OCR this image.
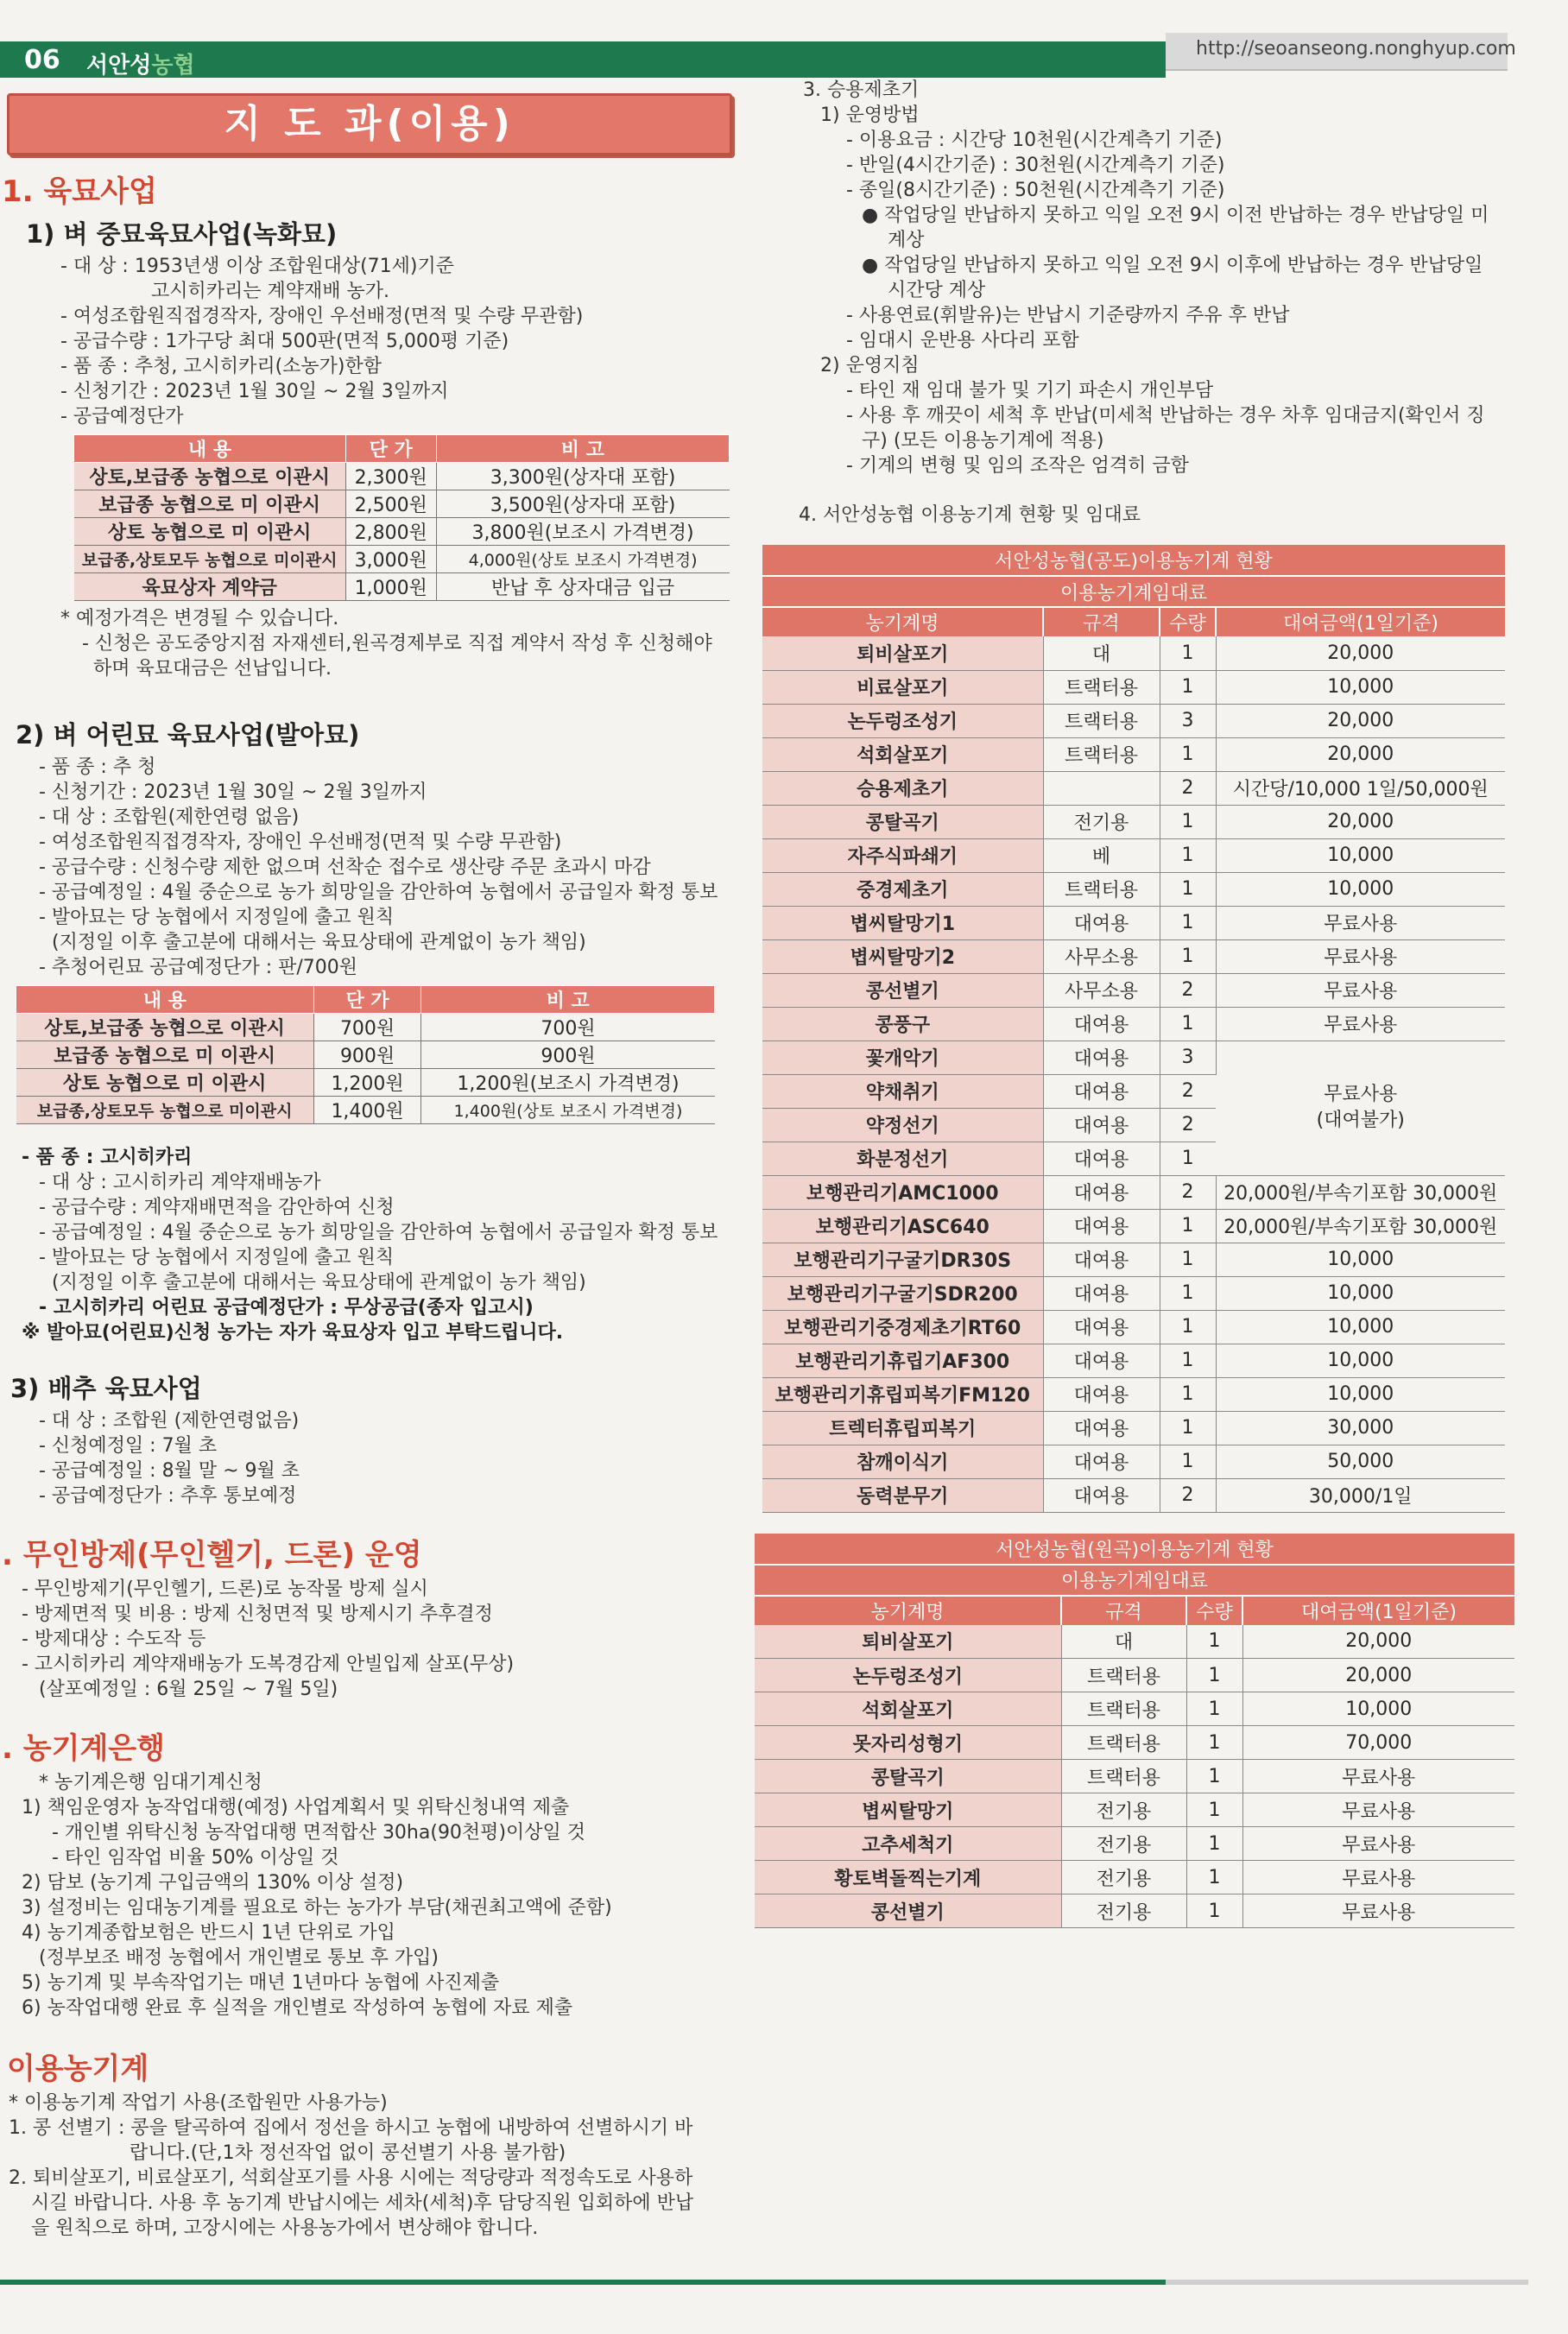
06 서안성농협
http://seoanseong.nonghyup.com
지 도 과(이용)
1. 육묘사업
1) 벼 중묘육묘사업(녹화묘)
- 대 상 : 1953년생 이상 조합원대상(71세)기준
고시히카리는 계약재배 농가.
- 여성조합원직접경작자, 장애인 우선배정(면적 및 수량 무관함)
- 공급수량 : 1가구당 최대 500판(면적 5,000평 기준)
- 품 종 : 추청, 고시히카리(소농가)한함
- 신청기간 : 2023년 1월 30일 ~ 2월 3일까지
- 공급예정단가
내 용	단 가	비 고
상토,보급종 농협으로 이관시	2,300원	3,300원(상자대 포함)
보급종 농협으로 미 이관시	2,500원	3,500원(상자대 포함)
상토 농협으로 미 이관시	2,800원	3,800원(보조시 가격변경)
보급종,상토모두 농협으로 미이관시	3,000원	4,000원(상토 보조시 가격변경)
육묘상자 계약금	1,000원	반납 후 상자대금 입금
* 예정가격은 변경될 수 있습니다.
- 신청은 공도중앙지점 자재센터,원곡경제부로 직접 계약서 작성 후 신청해야
하며 육묘대금은 선납입니다.
2) 벼 어린묘 육묘사업(발아묘)
- 품 종 : 추 청
- 신청기간 : 2023년 1월 30일 ~ 2월 3일까지
- 대 상 : 조합원(제한연령 없음)
- 여성조합원직접경작자, 장애인 우선배정(면적 및 수량 무관함)
- 공급수량 : 신청수량 제한 없으며 선착순 접수로 생산량 주문 초과시 마감
- 공급예정일 : 4월 중순으로 농가 희망일을 감안하여 농협에서 공급일자 확정 통보
- 발아묘는 당 농협에서 지정일에 출고 원칙
(지정일 이후 출고분에 대해서는 육묘상태에 관계없이 농가 책임)
- 추청어린묘 공급예정단가 : 판/700원
내 용	단 가	비 고
상토,보급종 농협으로 이관시	700원	700원
보급종 농협으로 미 이관시	900원	900원
상토 농협으로 미 이관시	1,200원	1,200원(보조시 가격변경)
보급종,상토모두 농협으로 미이관시	1,400원	1,400원(상토 보조시 가격변경)
- 품 종 : 고시히카리
- 대 상 : 고시히카리 계약재배농가
- 공급수량 : 계약재배면적을 감안하여 신청
- 공급예정일 : 4월 중순으로 농가 희망일을 감안하여 농협에서 공급일자 확정 통보
- 발아묘는 당 농협에서 지정일에 출고 원칙
(지정일 이후 출고분에 대해서는 육묘상태에 관계없이 농가 책임)
- 고시히카리 어린묘 공급예정단가 : 무상공급(종자 입고시)
※ 발아묘(어린묘)신청 농가는 자가 육묘상자 입고 부탁드립니다.
3) 배추 육묘사업
- 대 상 : 조합원 (제한연령없음)
- 신청예정일 : 7월 초
- 공급예정일 : 8월 말 ~ 9월 초
- 공급예정단가 : 추후 통보예정
. 무인방제(무인헬기, 드론) 운영
- 무인방제기(무인헬기, 드론)로 농작물 방제 실시
- 방제면적 및 비용 : 방제 신청면적 및 방제시기 추후결정
- 방제대상 : 수도작 등
- 고시히카리 계약재배농가 도복경감제 안빌입제 살포(무상)
(살포예정일 : 6월 25일 ~ 7월 5일)
. 농기계은행
* 농기계은행 임대기계신청
1) 책임운영자 농작업대행(예정) 사업계획서 및 위탁신청내역 제출
- 개인별 위탁신청 농작업대행 면적합산 30ha(90천평)이상일 것
- 타인 임작업 비율 50% 이상일 것
2) 담보 (농기계 구입금액의 130% 이상 설정)
3) 설정비는 임대농기계를 필요로 하는 농가가 부담(채권최고액에 준함)
4) 농기계종합보험은 반드시 1년 단위로 가입
(정부보조 배정 농협에서 개인별로 통보 후 가입)
5) 농기계 및 부속작업기는 매년 1년마다 농협에 사진제출
6) 농작업대행 완료 후 실적을 개인별로 작성하여 농협에 자료 제출
이용농기계
* 이용농기계 작업기 사용(조합원만 사용가능)
1. 콩 선별기 : 콩을 탈곡하여 집에서 정선을 하시고 농협에 내방하여 선별하시기 바
랍니다.(단,1차 정선작업 없이 콩선별기 사용 불가함)
2. 퇴비살포기, 비료살포기, 석회살포기를 사용 시에는 적당량과 적정속도로 사용하
시길 바랍니다. 사용 후 농기계 반납시에는 세차(세척)후 담당직원 입회하에 반납
을 원칙으로 하며, 고장시에는 사용농가에서 변상해야 합니다.
3. 승용제초기
1) 운영방법
- 이용요금 : 시간당 10천원(시간계측기 기준)
- 반일(4시간기준) : 30천원(시간계측기 기준)
- 종일(8시간기준) : 50천원(시간계측기 기준)
● 작업당일 반납하지 못하고 익일 오전 9시 이전 반납하는 경우 반납당일 미
계상
● 작업당일 반납하지 못하고 익일 오전 9시 이후에 반납하는 경우 반납당일
시간당 계상
- 사용연료(휘발유)는 반납시 기준량까지 주유 후 반납
- 임대시 운반용 사다리 포함
2) 운영지침
- 타인 재 임대 불가 및 기기 파손시 개인부담
- 사용 후 깨끗이 세척 후 반납(미세척 반납하는 경우 차후 임대금지(확인서 징
구) (모든 이용농기계에 적용)
- 기계의 변형 및 임의 조작은 엄격히 금함
4. 서안성농협 이용농기계 현황 및 임대료
서안성농협(공도)이용농기계 현황			
이용농기계임대료			
농기계명	규격	수량	대여금액(1일기준)
퇴비살포기	대	1	20,000
비료살포기	트랙터용	1	10,000
논두렁조성기	트랙터용	3	20,000
석회살포기	트랙터용	1	20,000
승용제초기		2	시간당/10,000 1일/50,000원
콩탈곡기	전기용	1	20,000
자주식파쇄기	베	1	10,000
중경제초기	트랙터용	1	10,000
볍씨탈망기1	대여용	1	무료사용
볍씨탈망기2	사무소용	1	무료사용
콩선별기	사무소용	2	무료사용
콩풍구	대여용	1	무료사용
꽃개악기	대여용	3	무료사용
(대여불가)

약채취기	대여용	2	
약정선기	대여용	2	
화분정선기	대여용	1	
보행관리기AMC1000	대여용	2	20,000원/부속기포함 30,000원
보행관리기ASC640	대여용	1	20,000원/부속기포함 30,000원
보행관리기구굴기DR30S	대여용	1	10,000
보행관리기구굴기SDR200	대여용	1	10,000
보행관리기중경제초기RT60	대여용	1	10,000
보행관리기휴립기AF300	대여용	1	10,000
보행관리기휴립피복기FM120	대여용	1	10,000
트렉터휴립피복기	대여용	1	30,000
참깨이식기	대여용	1	50,000
동력분무기	대여용	2	30,000/1일
서안성농협(원곡)이용농기계 현황			
이용농기계임대료			
농기계명	규격	수량	대여금액(1일기준)
퇴비살포기	대	1	20,000
논두렁조성기	트랙터용	1	20,000
석회살포기	트랙터용	1	10,000
못자리성형기	트랙터용	1	70,000
콩탈곡기	트랙터용	1	무료사용
볍씨탈망기	전기용	1	무료사용
고추세척기	전기용	1	무료사용
황토벽돌찍는기계	전기용	1	무료사용
콩선별기	전기용	1	무료사용
